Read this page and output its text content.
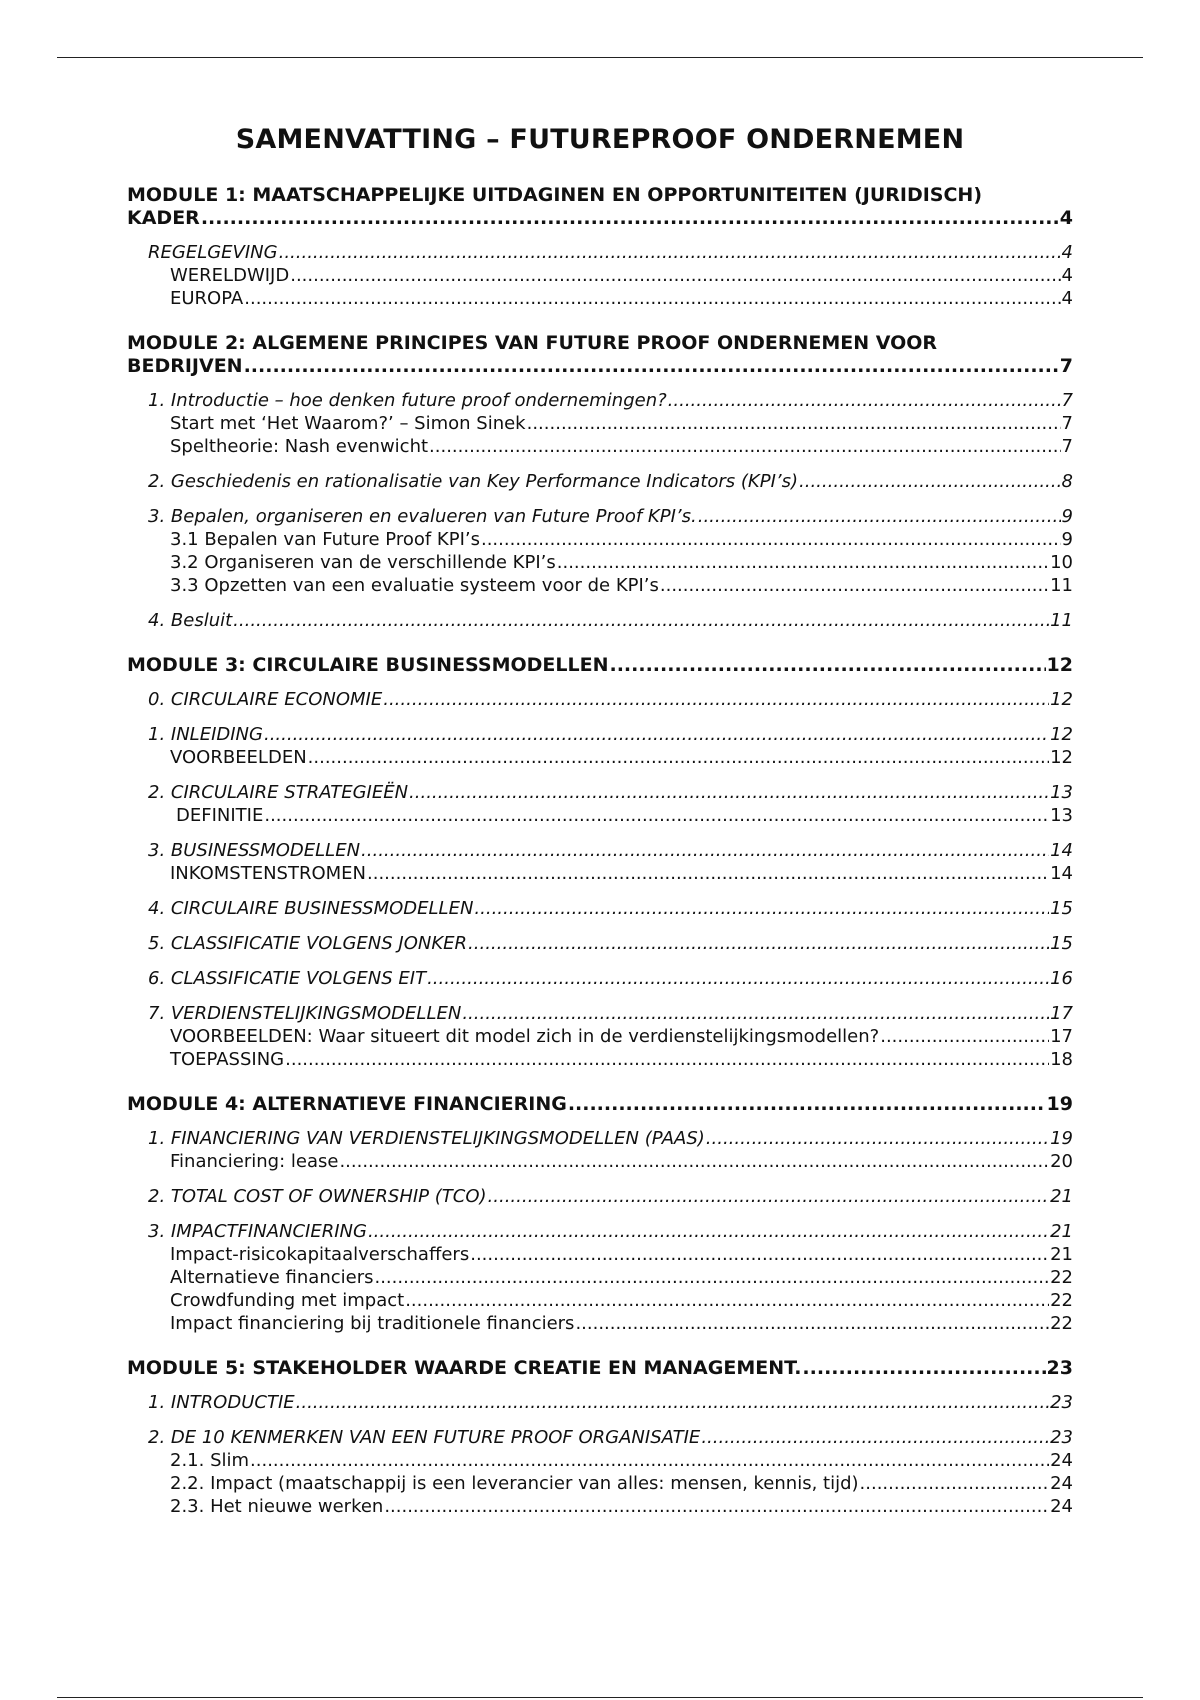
SAMENVATTING – FUTUREPROOF ONDERNEMEN
MODULE 1: MAATSCHAPPELIJKE UITDAGINEN EN OPPORTUNITEITEN (JURIDISCH)
KADER .....	4
REGELGEVING .....	4
WERELDWIJD .....	4
EUROPA .....	4
MODULE 2: ALGEMENE PRINCIPES VAN FUTURE PROOF ONDERNEMEN VOOR
BEDRIJVEN .....	7
1. Introductie – hoe denken future proof ondernemingen? .....	7
Start met ‘Het Waarom?’ – Simon Sinek .....	7
Speltheorie: Nash evenwicht .....	7
2. Geschiedenis en rationalisatie van Key Performance Indicators (KPI’s) .....	8
3. Bepalen, organiseren en evalueren van Future Proof KPI’s. .....	9
3.1 Bepalen van Future Proof KPI’s .....	9
3.2 Organiseren van de verschillende KPI’s .....	10
3.3 Opzetten van een evaluatie systeem voor de KPI’s .....	11
4. Besluit .....	11
MODULE 3: CIRCULAIRE BUSINESSMODELLEN .....	12
0. CIRCULAIRE ECONOMIE .....	12
1. INLEIDING .....	12
VOORBEELDEN .....	12
2. CIRCULAIRE STRATEGIEËN .....	13
DEFINITIE .....	13
3. BUSINESSMODELLEN .....	14
INKOMSTENSTROMEN .....	14
4. CIRCULAIRE BUSINESSMODELLEN .....	15
5. CLASSIFICATIE VOLGENS JONKER .....	15
6. CLASSIFICATIE VOLGENS EIT .....	16
7. VERDIENSTELIJKINGSMODELLEN .....	17
VOORBEELDEN: Waar situeert dit model zich in de verdienstelijkingsmodellen? .....	17
TOEPASSING .....	18
MODULE 4: ALTERNATIEVE FINANCIERING .....	19
1. FINANCIERING VAN VERDIENSTELIJKINGSMODELLEN (PAAS) .....	19
Financiering: lease .....	20
2. TOTAL COST OF OWNERSHIP (TCO) .....	21
3. IMPACTFINANCIERING .....	21
Impact-risicokapitaalverschaffers .....	21
Alternatieve financiers .....	22
Crowdfunding met impact .....	22
Impact financiering bij traditionele financiers .....	22
MODULE 5: STAKEHOLDER WAARDE CREATIE EN MANAGEMENT. .....	23
1. INTRODUCTIE .....	23
2. DE 10 KENMERKEN VAN EEN FUTURE PROOF ORGANISATIE .....	23
2.1. Slim .....	24
2.2. Impact (maatschappij is een leverancier van alles: mensen, kennis, tijd) .....	24
2.3. Het nieuwe werken .....	24
